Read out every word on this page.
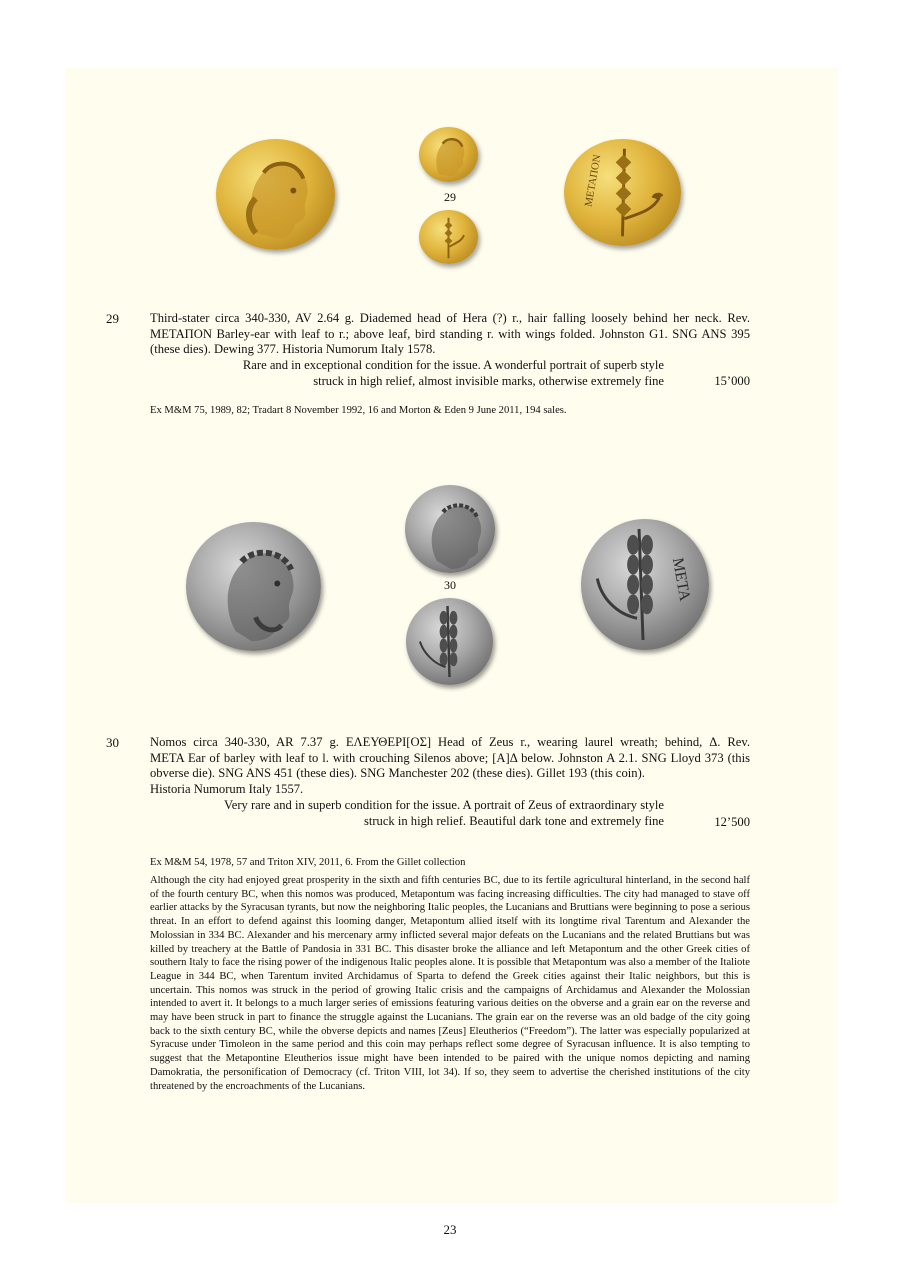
29	ΜΕΤΑΠΟΝ
29 Third-stater circa 340-330, AV 2.64 g. Diademed head of Hera (?) r., hair falling loosely behind her neck. Rev. ΜΕΤΑΠΟΝ Barley-ear with leaf to r.; above leaf, bird standing r. with wings folded. Johnston G1. SNG ANS 395 (these dies). Dewing 377. Historia Numorum Italy 1578.

Rare and in exceptional condition for the issue. A wonderful portrait of superb style
struck in high relief, almost invisible marks, otherwise extremely fine	15’000
Ex M&M 75, 1989, 82; Tradart 8 November 1992, 16 and Morton & Eden 9 June 2011, 194 sales.
30	ΜΕΤΑ
30 Nomos circa 340-330, AR 7.37 g. ΕΛΕΥΘΕΡΙ[ΟΣ] Head of Zeus r., wearing laurel wreath; behind, Δ. Rev.

ΜΕΤΑ Ear of barley with leaf to l. with crouching Silenos above; [Α]Δ below. Johnston A 2.1. SNG Lloyd 373 (this obverse die). SNG ANS 451 (these dies). SNG Manchester 202 (these dies). Gillet 193 (this coin).

Historia Numorum Italy 1557.

Very rare and in superb condition for the issue. A portrait of Zeus of extraordinary style
struck in high relief. Beautiful dark tone and extremely fine	12’500
Ex M&M 54, 1978, 57 and Triton XIV, 2011, 6. From the Gillet collection
Although the city had enjoyed great prosperity in the sixth and fifth centuries BC, due to its fertile agricultural hinterland, in the second half of the fourth century BC, when this nomos was produced, Metapontum was facing increasing difficulties. The city had managed to stave off earlier attacks by the Syracusan tyrants, but now the neighboring Italic peoples, the Lucanians and Bruttians were beginning to pose a serious threat. In an effort to defend against this looming danger, Metapontum allied itself with its longtime rival Tarentum and Alexander the Molossian in 334 BC. Alexander and his mercenary army inflicted several major defeats on the Lucanians and the related Bruttians but was killed by treachery at the Battle of Pandosia in 331 BC. This disaster broke the alliance and left Metapontum and the other Greek cities of southern Italy to face the rising power of the indigenous Italic peoples alone. It is possible that Metapontum was also a member of the Italiote League in 344 BC, when Tarentum invited Archidamus of Sparta to defend the Greek cities against their Italic neighbors, but this is uncertain. This nomos was struck in the period of growing Italic crisis and the campaigns of Archidamus and Alexander the Molossian intended to avert it. It belongs to a much larger series of emissions featuring various deities on the obverse and a grain ear on the reverse and may have been struck in part to finance the struggle against the Lucanians. The grain ear on the reverse was an old badge of the city going back to the sixth century BC, while the obverse depicts and names [Zeus] Eleutherios (“Freedom”). The latter was especially popularized at Syracuse under Timoleon in the same period and this coin may perhaps reflect some degree of Syracusan influence. It is also tempting to suggest that the Metapontine Eleutherios issue might have been intended to be paired with the unique nomos depicting and naming Damokratia, the personification of Democracy (cf. Triton VIII, lot 34). If so, they seem to advertise the cherished institutions of the city threatened by the encroachments of the Lucanians.
23
